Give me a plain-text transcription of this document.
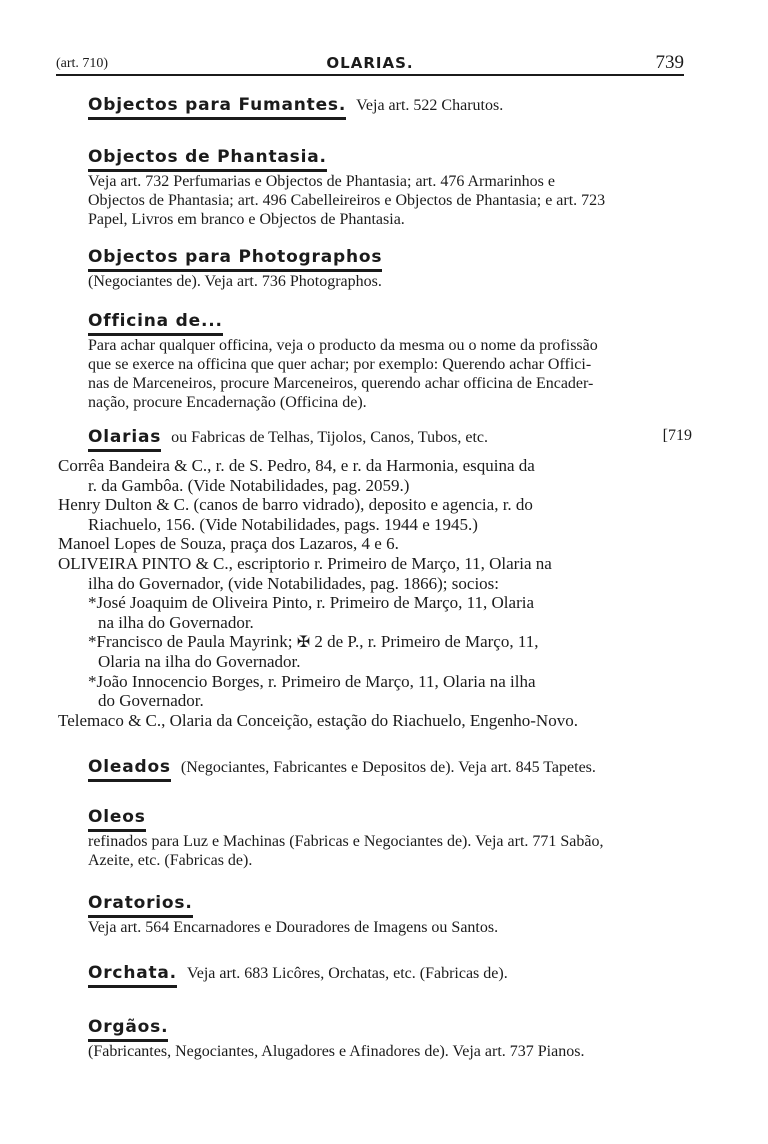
(art. 710)	OLARIAS.	739
Objectos para Fumantes. Veja art. 522 Charutos.
Objectos de Phantasia.
Veja art. 732 Perfumarias e Objectos de Phantasia; art. 476 Armarinhos e
Objectos de Phantasia; art. 496 Cabelleireiros e Objectos de Phantasia; e art. 723
Papel, Livros em branco e Objectos de Phantasia.
Objectos para Photographos
(Negociantes de). Veja art. 736 Photographos.
Officina de...
Para achar qualquer officina, veja o producto da mesma ou o nome da profissão
que se exerce na officina que quer achar; por exemplo: Querendo achar Offici-
nas de Marceneiros, procure Marceneiros, querendo achar officina de Encader-
nação, procure Encadernação (Officina de).
Olarias ou Fabricas de Telhas, Tijolos, Canos, Tubos, etc.	[719
Corrêa Bandeira & C., r. de S. Pedro, 84, e r. da Harmonia, esquina da
r. da Gambôa. (Vide Notabilidades, pag. 2059.)
Henry Dulton & C. (canos de barro vidrado), deposito e agencia, r. do
Riachuelo, 156. (Vide Notabilidades, pags. 1944 e 1945.)
Manoel Lopes de Souza, praça dos Lazaros, 4 e 6.
OLIVEIRA PINTO & C., escriptorio r. Primeiro de Março, 11, Olaria na
ilha do Governador, (vide Notabilidades, pag. 1866); socios:
*José Joaquim de Oliveira Pinto, r. Primeiro de Março, 11, Olaria
na ilha do Governador.
*Francisco de Paula Mayrink; ✠ 2 de P., r. Primeiro de Março, 11,
Olaria na ilha do Governador.
*João Innocencio Borges, r. Primeiro de Março, 11, Olaria na ilha
do Governador.
Telemaco & C., Olaria da Conceição, estação do Riachuelo, Engenho-Novo.
Oleados (Negociantes, Fabricantes e Depositos de). Veja art. 845 Tapetes.
Oleos
refinados para Luz e Machinas (Fabricas e Negociantes de). Veja art. 771 Sabão,
Azeite, etc. (Fabricas de).
Oratorios.
Veja art. 564 Encarnadores e Douradores de Imagens ou Santos.
Orchata. Veja art. 683 Licôres, Orchatas, etc. (Fabricas de).
Orgãos.
(Fabricantes, Negociantes, Alugadores e Afinadores de). Veja art. 737 Pianos.
